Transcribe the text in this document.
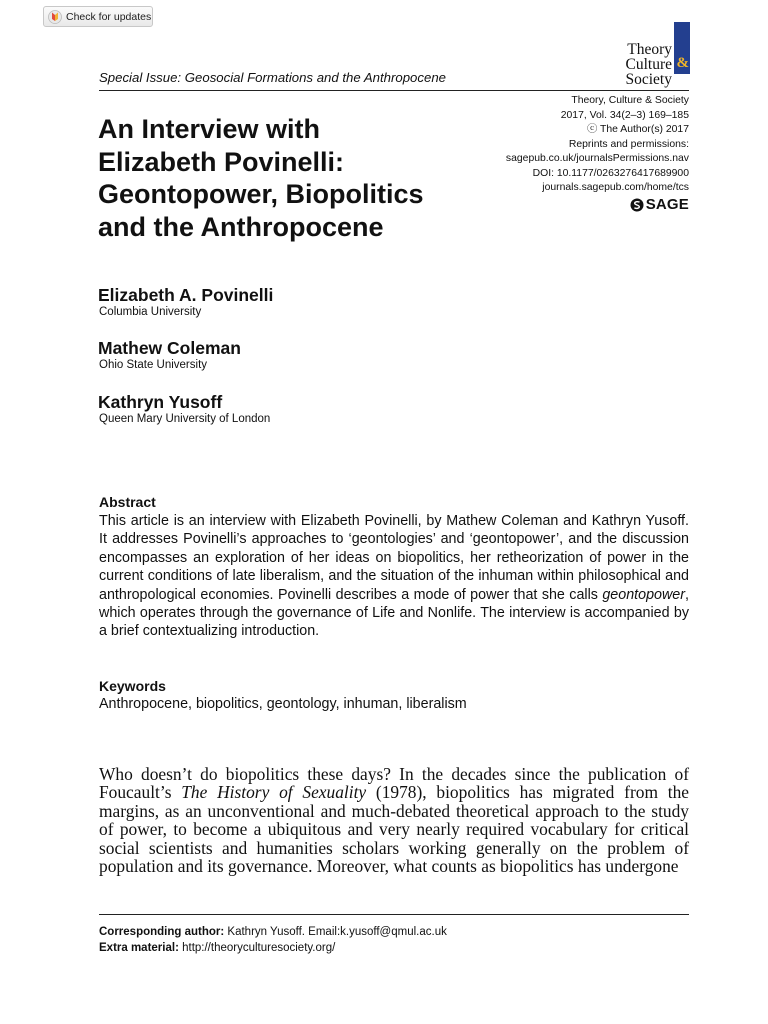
Check for updates
Theory
Culture &
Society
Special Issue: Geosocial Formations and the Anthropocene
Theory, Culture & Society
2017, Vol. 34(2–3) 169–185
ⓒ The Author(s) 2017
Reprints and permissions:
sagepub.co.uk/journalsPermissions.nav
DOI: 10.1177/0263276417689900
journals.sagepub.com/home/tcs
SAGE
An Interview with Elizabeth Povinelli: Geontopower, Biopolitics and the Anthropocene
Elizabeth A. Povinelli
Columbia University
Mathew Coleman
Ohio State University
Kathryn Yusoff
Queen Mary University of London
Abstract

This article is an interview with Elizabeth Povinelli, by Mathew Coleman and Kathryn Yusoff. It addresses Povinelli’s approaches to ‘geontologies’ and ‘geontopower’, and the discussion encompasses an exploration of her ideas on biopolitics, her retheorization of power in the current conditions of late liberalism, and the situation of the inhuman within philosophical and anthropological economies. Povinelli describes a mode of power that she calls geontopower, which operates through the governance of Life and Nonlife. The interview is accompanied by a brief contextualizing introduction.

Keywords
Anthropocene, biopolitics, geontology, inhuman, liberalism

Who doesn’t do biopolitics these days? In the decades since the publication of Foucault’s The History of Sexuality (1978), biopolitics has migrated from the margins, as an unconventional and much-debated theoretical approach to the study of power, to become a ubiquitous and very nearly required vocabulary for critical social scientists and humanities scholars working generally on the problem of population and its governance. Moreover, what counts as biopolitics has undergone

Corresponding author: Kathryn Yusoff. Email:k.yusoff@qmul.ac.uk
Extra material: http://theoryculturesociety.org/
